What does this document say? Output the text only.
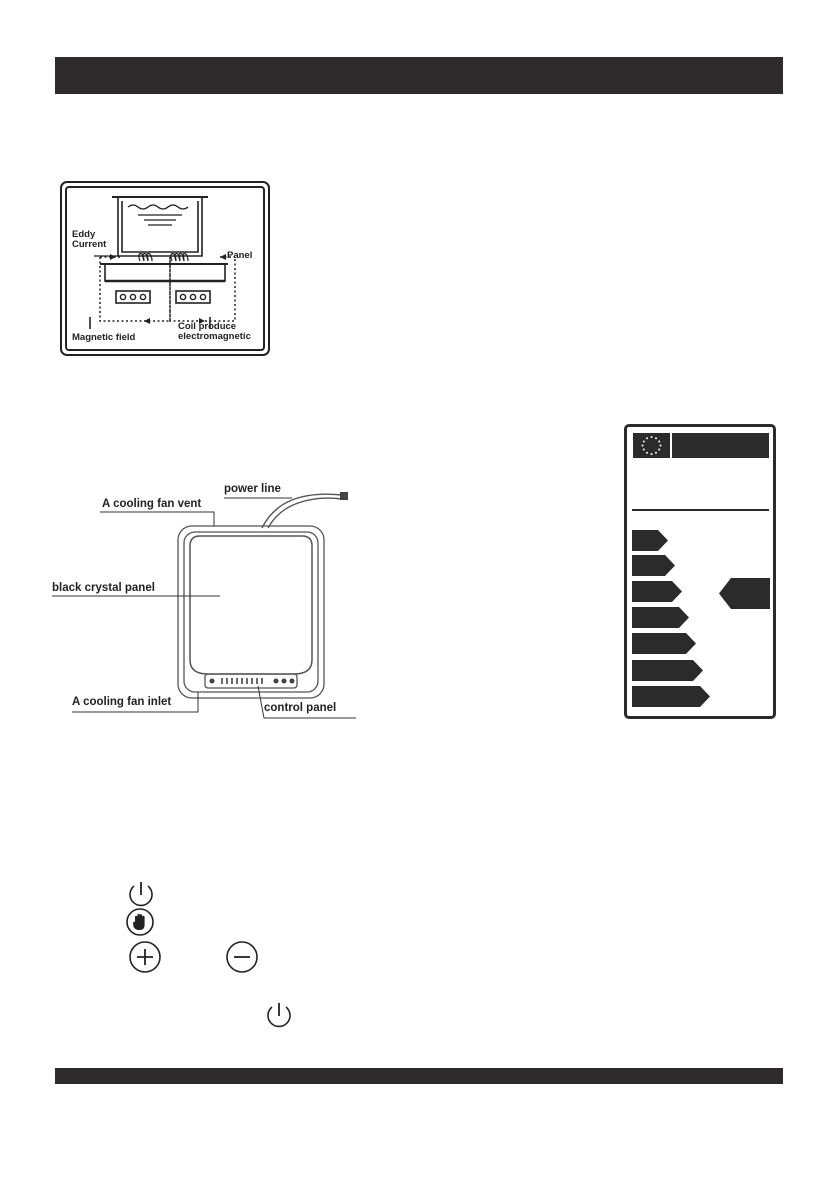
Eddy
Current
Panel
Magnetic field
Coil produce
electromagnetic
power line
A cooling fan vent
black crystal panel
A cooling fan inlet	control panel
